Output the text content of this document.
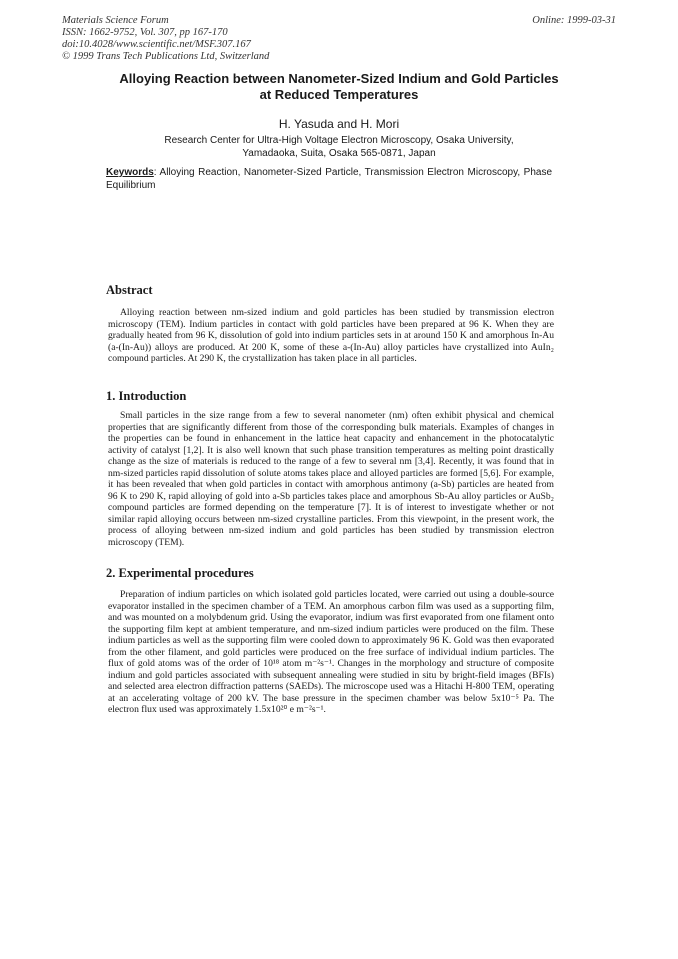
Materials Science Forum
ISSN: 1662-9752, Vol. 307, pp 167-170
doi:10.4028/www.scientific.net/MSF.307.167
© 1999 Trans Tech Publications Ltd, Switzerland
Online: 1999-03-31
Alloying Reaction between Nanometer-Sized Indium and Gold Particles
at Reduced Temperatures
H. Yasuda and H. Mori
Research Center for Ultra-High Voltage Electron Microscopy, Osaka University,
Yamadaoka, Suita, Osaka 565-0871, Japan
Keywords: Alloying Reaction, Nanometer-Sized Particle, Transmission Electron Microscopy, Phase Equilibrium
Abstract
Alloying reaction between nm-sized indium and gold particles has been studied by transmission electron microscopy (TEM). Indium particles in contact with gold particles have been prepared at 96 K. When they are gradually heated from 96 K, dissolution of gold into indium particles sets in at around 150 K and amorphous In-Au (a-(In-Au)) alloys are produced. At 200 K, some of these a-(In-Au) alloy particles have crystallized into AuIn₂ compound particles. At 290 K, the crystallization has taken place in all particles.
1. Introduction
Small particles in the size range from a few to several nanometer (nm) often exhibit physical and chemical properties that are significantly different from those of the corresponding bulk materials. Examples of changes in the properties can be found in enhancement in the lattice heat capacity and enhancement in the photocatalytic activity of catalyst [1,2]. It is also well known that such phase transition temperatures as melting point drastically change as the size of materials is reduced to the range of a few to several nm [3,4]. Recently, it was found that in nm-sized particles rapid dissolution of solute atoms takes place and alloyed particles are formed [5,6]. For example, it has been revealed that when gold particles in contact with amorphous antimony (a-Sb) particles are heated from 96 K to 290 K, rapid alloying of gold into a-Sb particles takes place and amorphous Sb-Au alloy particles or AuSb₂ compound particles are formed depending on the temperature [7]. It is of interest to investigate whether or not similar rapid alloying occurs between nm-sized crystalline particles. From this viewpoint, in the present work, the process of alloying between nm-sized indium and gold particles has been studied by transmission electron microscopy (TEM).
2. Experimental procedures
Preparation of indium particles on which isolated gold particles located, were carried out using a double-source evaporator installed in the specimen chamber of a TEM. An amorphous carbon film was used as a supporting film, and was mounted on a molybdenum grid. Using the evaporator, indium was first evaporated from one filament onto the supporting film kept at ambient temperature, and nm-sized indium particles were produced on the film. These indium particles as well as the supporting film were cooled down to approximately 96 K. Gold was then evaporated from the other filament, and gold particles were produced on the free surface of individual indium particles. The flux of gold atoms was of the order of 10¹⁸ atom m⁻²s⁻¹. Changes in the morphology and structure of composite indium and gold particles associated with subsequent annealing were studied in situ by bright-field images (BFIs) and selected area electron diffraction patterns (SAEDs). The microscope used was a Hitachi H-800 TEM, operating at an accelerating voltage of 200 kV. The base pressure in the specimen chamber was below 5x10⁻⁵ Pa. The electron flux used was approximately 1.5x10²⁰ e m⁻²s⁻¹.
